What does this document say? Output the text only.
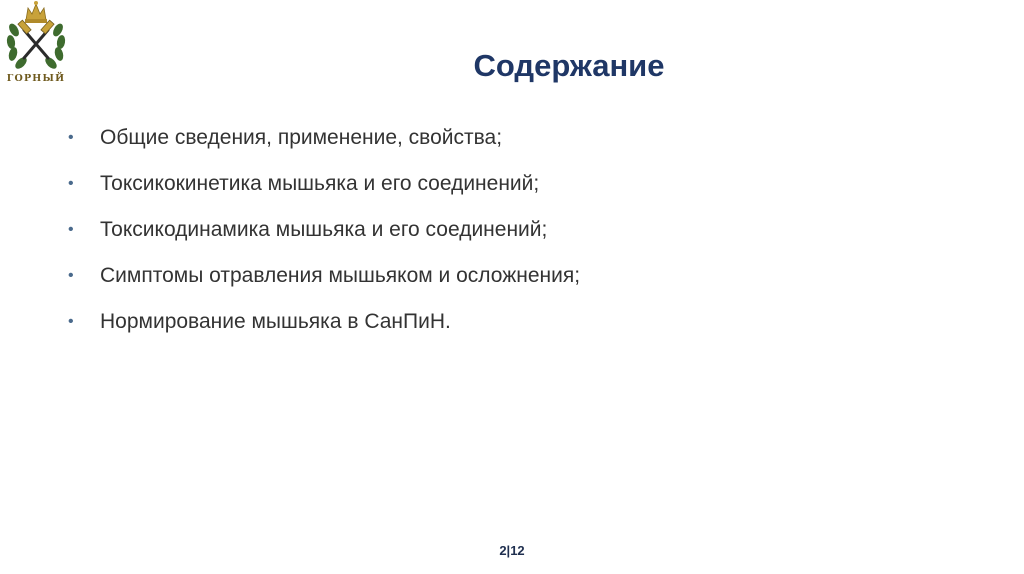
ГОРНЫЙ	Содержание
• Общие сведения, применение, свойства;
• Токсикокинетика мышьяка и его соединений;
• Токсикодинамика мышьяка и его соединений;
• Симптомы отравления мышьяком и осложнения;
• Нормирование мышьяка в СанПиН.
2|12
